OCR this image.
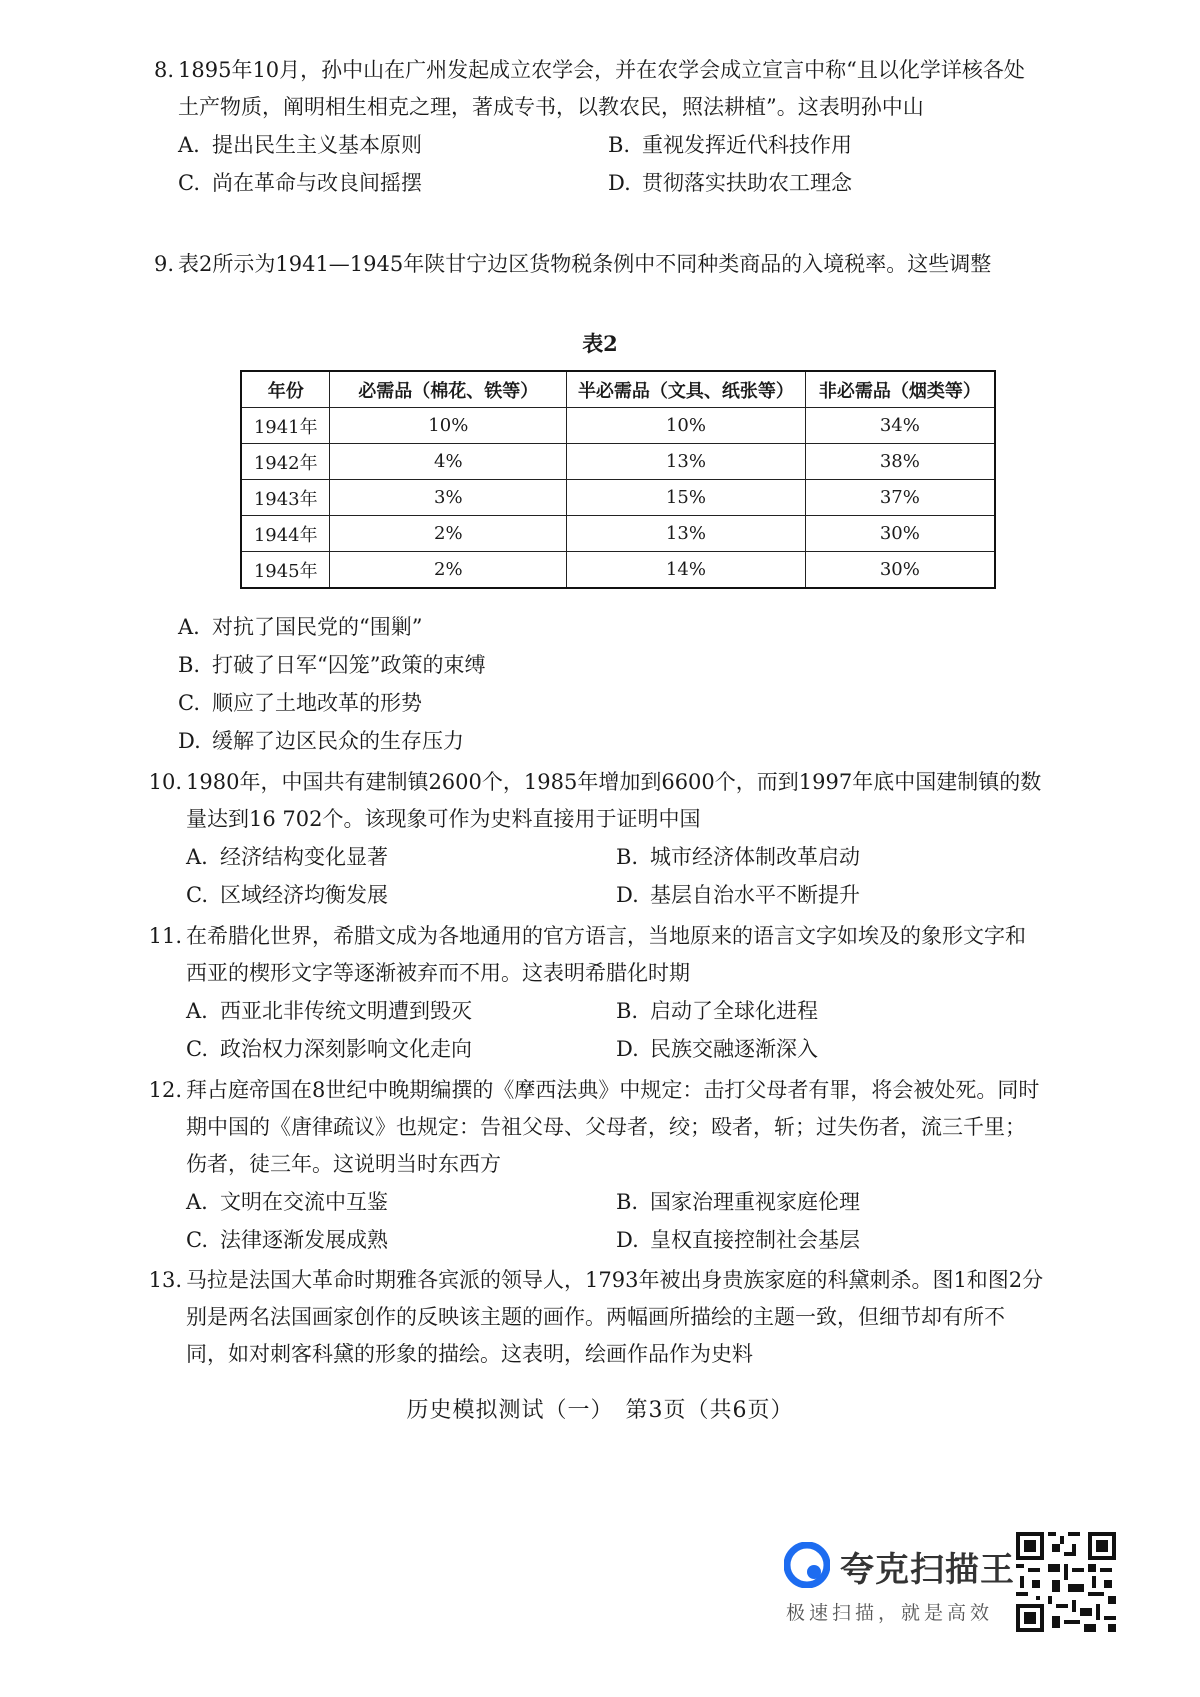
8. 1895年10月，孙中山在广州发起成立农学会，并在农学会成立宣言中称“且以化学详核各处土产物质，阐明相生相克之理，著成专书，以教农民，照法耕植”。这表明孙中山

A. 提出民生主义基本原则	B. 重视发挥近代科技作用
C. 尚在革命与改良间摇摆	D. 贯彻落实扶助农工理念
9. 表2所示为1941—1945年陕甘宁边区货物税条例中不同种类商品的入境税率。这些调整

表2
年份	必需品（棉花、铁等）	半必需品（文具、纸张等）	非必需品（烟类等）
1941年	10%	10%	34%
1942年	4%	13%	38%
1943年	3%	15%	37%
1944年	2%	13%	30%
1945年	2%	14%	30%
A. 对抗了国民党的“围剿”
B. 打破了日军“囚笼”政策的束缚
C. 顺应了土地改革的形势
D. 缓解了边区民众的生存压力
10. 1980年，中国共有建制镇2600个，1985年增加到6600个，而到1997年底中国建制镇的数量达到16 702个。该现象可作为史料直接用于证明中国

A. 经济结构变化显著	B. 城市经济体制改革启动
C. 区域经济均衡发展	D. 基层自治水平不断提升
11. 在希腊化世界，希腊文成为各地通用的官方语言，当地原来的语言文字如埃及的象形文字和西亚的楔形文字等逐渐被弃而不用。这表明希腊化时期

A. 西亚北非传统文明遭到毁灭	B. 启动了全球化进程
C. 政治权力深刻影响文化走向	D. 民族交融逐渐深入
12. 拜占庭帝国在8世纪中晚期编撰的《摩西法典》中规定：击打父母者有罪，将会被处死。同时期中国的《唐律疏议》也规定：告祖父母、父母者，绞；殴者，斩；过失伤者，流三千里；伤者，徒三年。这说明当时东西方

A. 文明在交流中互鉴	B. 国家治理重视家庭伦理
C. 法律逐渐发展成熟	D. 皇权直接控制社会基层
13. 马拉是法国大革命时期雅各宾派的领导人，1793年被出身贵族家庭的科黛刺杀。图1和图2分别是两名法国画家创作的反映该主题的画作。两幅画所描绘的主题一致，但细节却有所不同，如对刺客科黛的形象的描绘。这表明，绘画作品作为史料

历史模拟测试（一）　第3页（共6页）
夸克扫描王
极速扫描，就是高效
